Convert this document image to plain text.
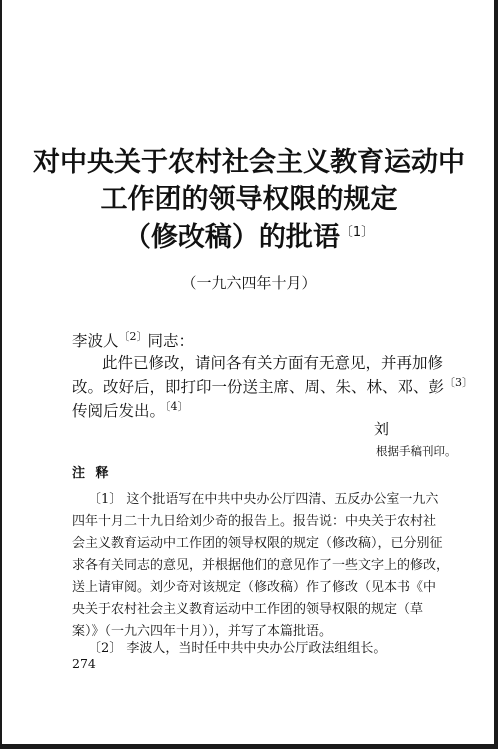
对中央关于农村社会主义教育运动中
工作团的领导权限的规定
（修改稿）的批语$^{〔1〕}$
（一九六四年十月）
李波人$^{〔2〕}$同志：
此件已修改，请问各有关方面有无意见，并再加修
改。改好后，即打印一份送主席、周、朱、林、邓、彭$^{〔3〕}$
传阅后发出。$^{〔4〕}$
刘
根据手稿刊印。
注 释
〔1〕 这个批语写在中共中央办公厅四清、五反办公室一九六
四年十月二十九日给刘少奇的报告上。报告说：中央关于农村社
会主义教育运动中工作团的领导权限的规定（修改稿），已分别征
求各有关同志的意见，并根据他们的意见作了一些文字上的修改，
送上请审阅。刘少奇对该规定（修改稿）作了修改（见本书《中
央关于农村社会主义教育运动中工作团的领导权限的规定（草
案）》（一九六四年十月）），并写了本篇批语。
〔2〕 李波人，当时任中共中央办公厅政法组组长。
274
